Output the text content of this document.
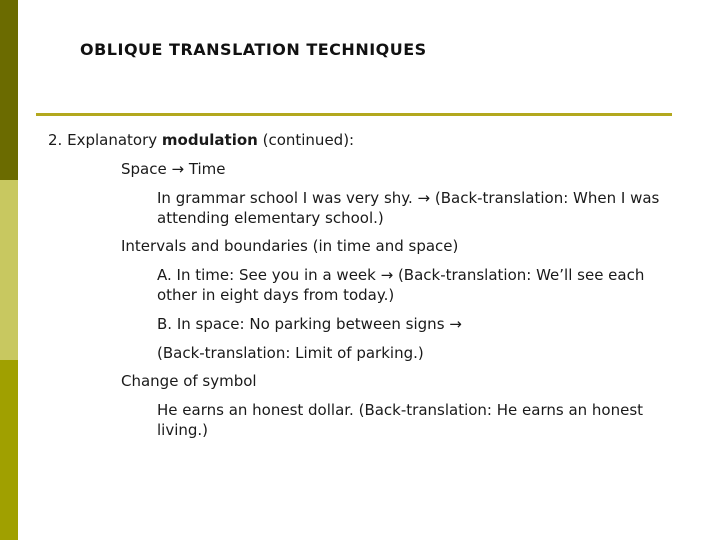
OBLIQUE TRANSLATION TECHNIQUES
2. Explanatory modulation (continued):
Space → Time
In grammar school I was very shy. → (Back-translation: When I was
attending elementary school.)
Intervals and boundaries (in time and space)
A. In time: See you in a week → (Back-translation: We’ll see each
other in eight days from today.)
B. In space: No parking between signs →
(Back-translation: Limit of parking.)
Change of symbol
He earns an honest dollar. (Back-translation: He earns an honest
living.)
